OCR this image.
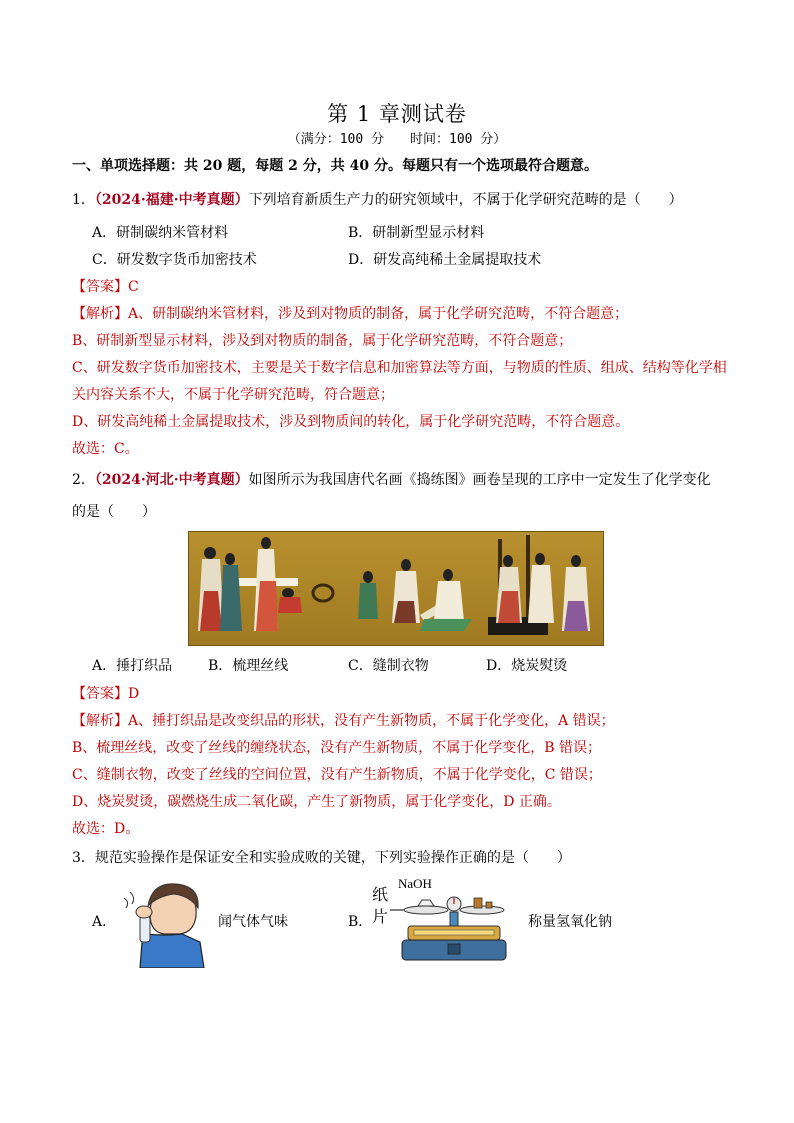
第 1 章测试卷
（满分：100 分　　时间：100 分）
一、单项选择题：共 20 题，每题 2 分，共 40 分。每题只有一个选项最符合题意。
1．（2024·福建·中考真题）下列培育新质生产力的研究领域中，不属于化学研究范畴的是（　　）
A．研制碳纳米管材料	B．研制新型显示材料
C．研发数字货币加密技术	D．研发高纯稀土金属提取技术
【答案】C
【解析】A、研制碳纳米管材料，涉及到对物质的制备，属于化学研究范畴，不符合题意；
B、研制新型显示材料，涉及到对物质的制备，属于化学研究范畴，不符合题意；
C、研发数字货币加密技术，主要是关于数字信息和加密算法等方面，与物质的性质、组成、结构等化学相
关内容关系不大，不属于化学研究范畴，符合题意；
D、研发高纯稀土金属提取技术，涉及到物质间的转化，属于化学研究范畴，不符合题意。
故选：C。
2．（2024·河北·中考真题）如图所示为我国唐代名画《捣练图》画卷呈现的工序中一定发生了化学变化
的是（　　）
A．捶打织品	B．梳理丝线	C．缝制衣物	D．烧炭熨烫
【答案】D
【解析】A、捶打织品是改变织品的形状，没有产生新物质，不属于化学变化，A 错误；
B、梳理丝线，改变了丝线的缠绕状态，没有产生新物质，不属于化学变化，B 错误；
C、缝制衣物，改变了丝线的空间位置，没有产生新物质，不属于化学变化，C 错误；
D、烧炭熨烫，碳燃烧生成二氧化碳，产生了新物质，属于化学变化，D 正确。
故选：D。
3．规范实验操作是保证安全和实验成败的关键，下列实验操作正确的是（　　）
A．	闻气体气味	B．
纸
片
NaOH
称量氢氧化钠
